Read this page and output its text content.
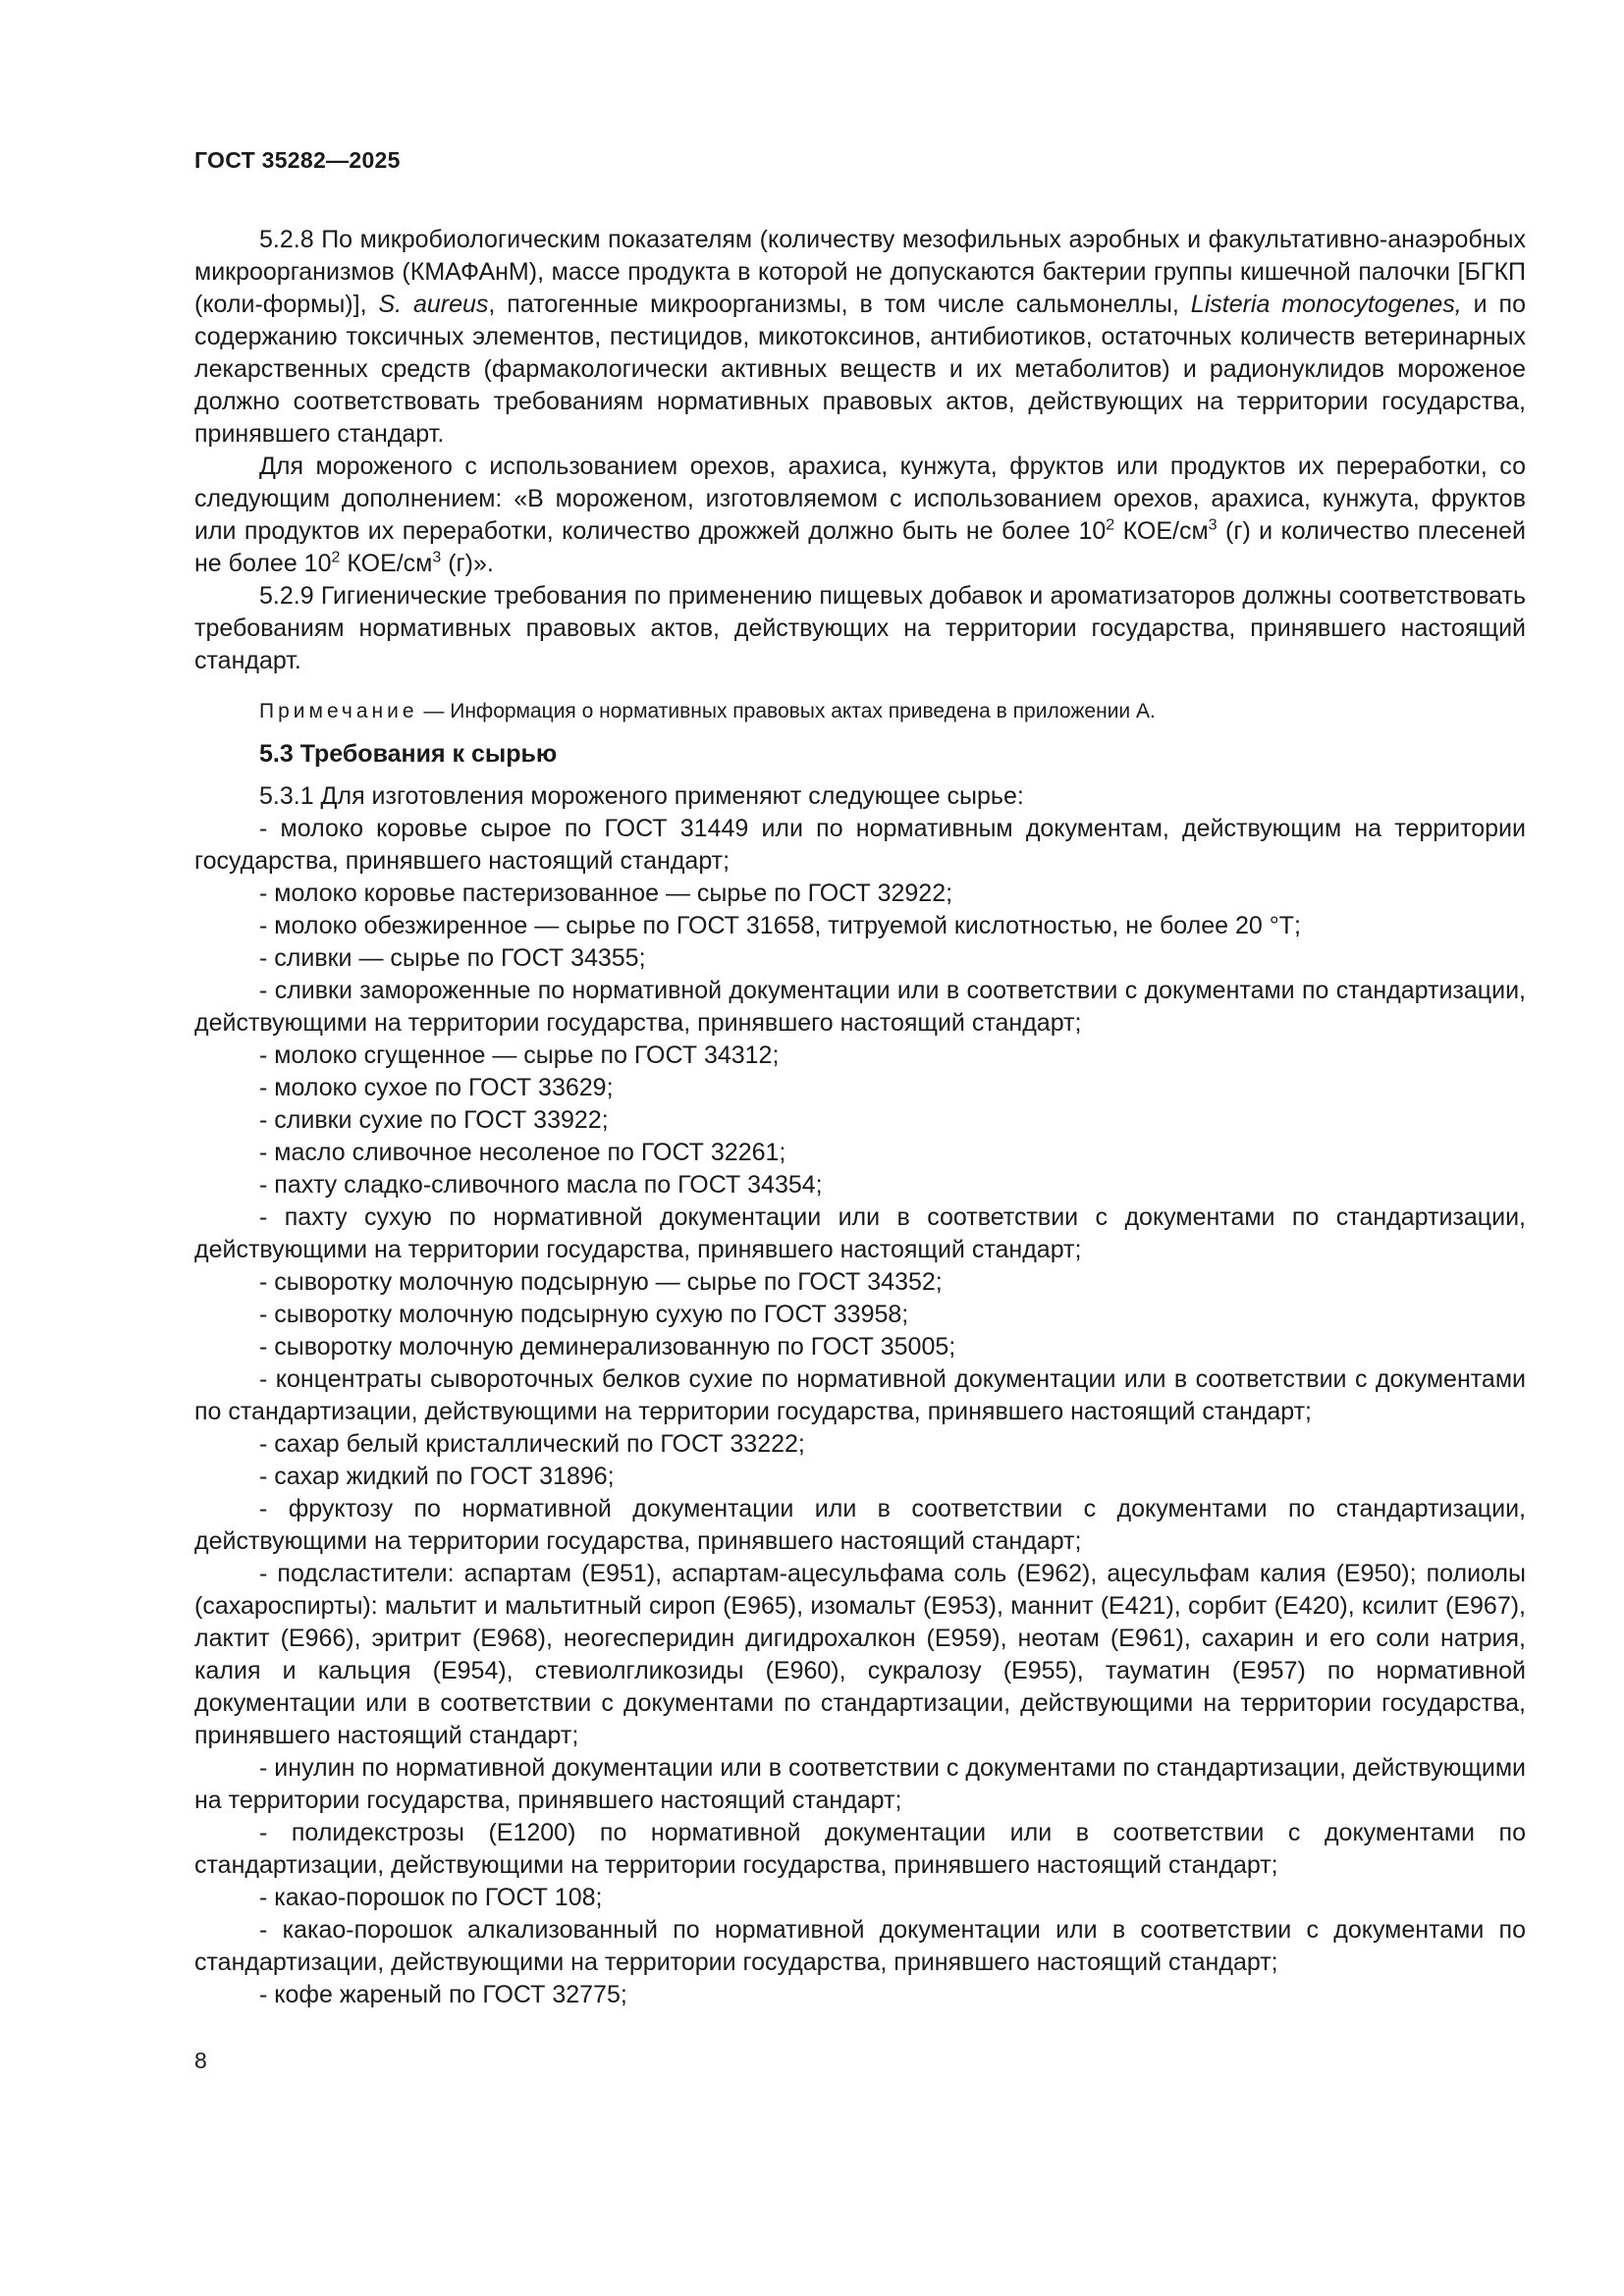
ГОСТ 35282—2025

5.2.8 По микробиологическим показателям (количеству мезофильных аэробных и факультативно-анаэробных микроорганизмов (КМАФАнМ), массе продукта в которой не допускаются бактерии группы кишечной палочки [БГКП (коли-формы)], S. aureus, патогенные микроорганизмы, в том числе сальмонеллы, Listeria monocytogenes, и по содержанию токсичных элементов, пестицидов, микотоксинов, антибиотиков, остаточных количеств ветеринарных лекарственных средств (фармакологически активных веществ и их метаболитов) и радионуклидов мороженое должно соответствовать требованиям нормативных правовых актов, действующих на территории государства, принявшего стандарт.

Для мороженого с использованием орехов, арахиса, кунжута, фруктов или продуктов их переработки, со следующим дополнением: «В мороженом, изготовляемом с использованием орехов, арахиса, кунжута, фруктов или продуктов их переработки, количество дрожжей должно быть не более $10^2$ КОЕ/$см^3$ (г) и количество плесеней не более $10^2$ КОЕ/$см^3$ (г)».

5.2.9 Гигиенические требования по применению пищевых добавок и ароматизаторов должны соответствовать требованиям нормативных правовых актов, действующих на территории государства, принявшего настоящий стандарт.

Примечание — Информация о нормативных правовых актах приведена в приложении А.

5.3 Требования к сырью

5.3.1 Для изготовления мороженого применяют следующее сырье:

- молоко коровье сырое по ГОСТ 31449 или по нормативным документам, действующим на территории государства, принявшего настоящий стандарт;
- молоко коровье пастеризованное — сырье по ГОСТ 32922;
- молоко обезжиренное — сырье по ГОСТ 31658, титруемой кислотностью, не более 20 °Т;
- сливки — сырье по ГОСТ 34355;
- сливки замороженные по нормативной документации или в соответствии с документами по стандартизации, действующими на территории государства, принявшего настоящий стандарт;
- молоко сгущенное — сырье по ГОСТ 34312;
- молоко сухое по ГОСТ 33629;
- сливки сухие по ГОСТ 33922;
- масло сливочное несоленое по ГОСТ 32261;
- пахту сладко-сливочного масла по ГОСТ 34354;
- пахту сухую по нормативной документации или в соответствии с документами по стандартизации, действующими на территории государства, принявшего настоящий стандарт;
- сыворотку молочную подсырную — сырье по ГОСТ 34352;
- сыворотку молочную подсырную сухую по ГОСТ 33958;
- сыворотку молочную деминерализованную по ГОСТ 35005;
- концентраты сывороточных белков сухие по нормативной документации или в соответствии с документами по стандартизации, действующими на территории государства, принявшего настоящий стандарт;
- сахар белый кристаллический по ГОСТ 33222;
- сахар жидкий по ГОСТ 31896;
- фруктозу по нормативной документации или в соответствии с документами по стандартизации, действующими на территории государства, принявшего настоящий стандарт;
- подсластители: аспартам (Е951), аспартам-ацесульфама соль (Е962), ацесульфам калия (Е950); полиолы (сахароспирты): мальтит и мальтитный сироп (Е965), изомальт (Е953), маннит (Е421), сорбит (Е420), ксилит (Е967), лактит (Е966), эритрит (Е968), неогесперидин дигидрохалкон (Е959), неотам (Е961), сахарин и его соли натрия, калия и кальция (Е954), стевиолгликозиды (Е960), сукралозу (Е955), тауматин (Е957) по нормативной документации или в соответствии с документами по стандартизации, действующими на территории государства, принявшего настоящий стандарт;
- инулин по нормативной документации или в соответствии с документами по стандартизации, действующими на территории государства, принявшего настоящий стандарт;
- полидекстрозы (Е1200) по нормативной документации или в соответствии с документами по стандартизации, действующими на территории государства, принявшего настоящий стандарт;
- какао-порошок по ГОСТ 108;
- какао-порошок алкализованный по нормативной документации или в соответствии с документами по стандартизации, действующими на территории государства, принявшего настоящий стандарт;
- кофе жареный по ГОСТ 32775;
8
